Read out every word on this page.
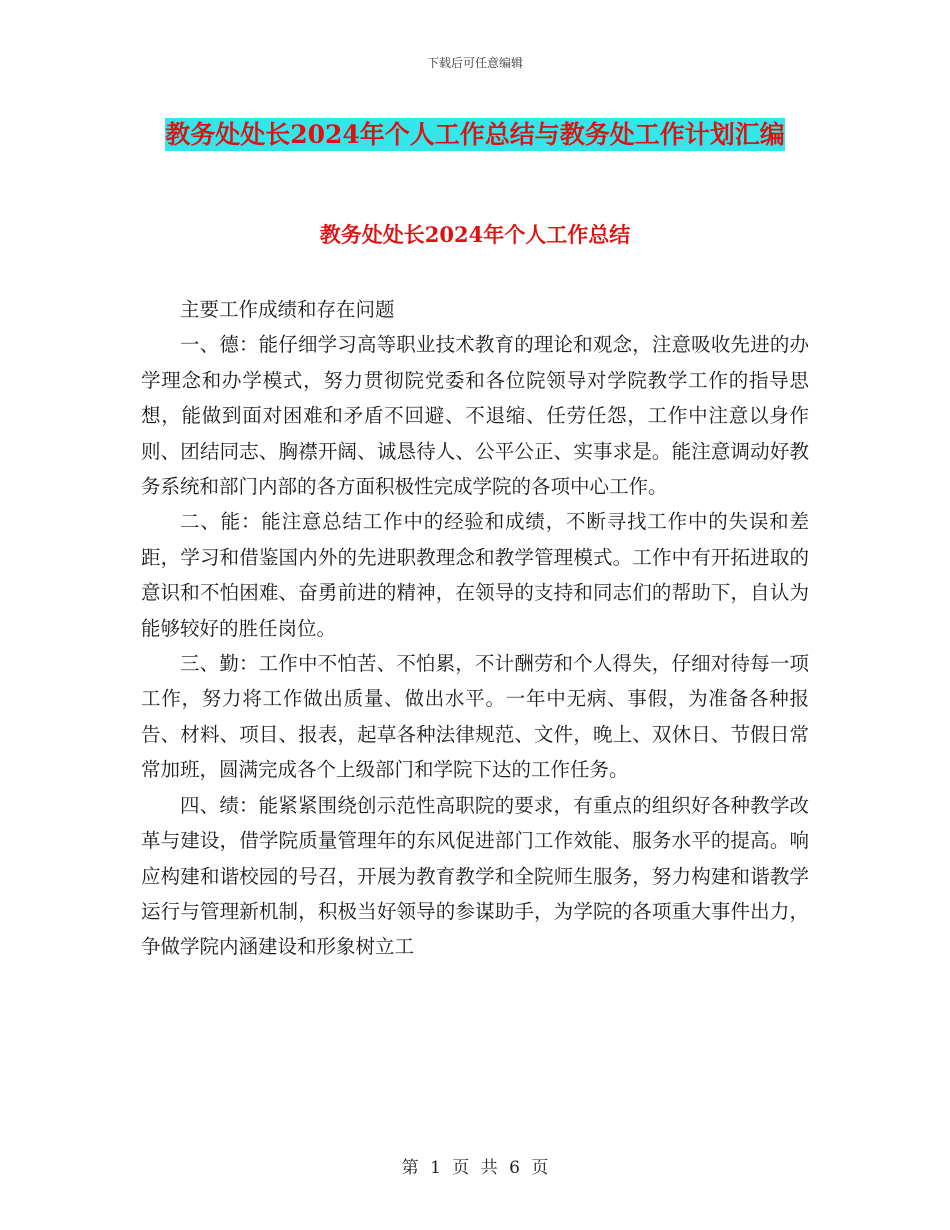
下载后可任意编辑
教务处处长2024年个人工作总结与教务处工作计划汇编
教务处处长2024年个人工作总结

主要工作成绩和存在问题

一、德：能仔细学习高等职业技术教育的理论和观念，注意吸收先进的办学理念和办学模式，努力贯彻院党委和各位院领导对学院教学工作的指导思想，能做到面对困难和矛盾不回避、不退缩、任劳任怨，工作中注意以身作则、团结同志、胸襟开阔、诚恳待人、公平公正、实事求是。能注意调动好教务系统和部门内部的各方面积极性完成学院的各项中心工作。

二、能：能注意总结工作中的经验和成绩，不断寻找工作中的失误和差距，学习和借鉴国内外的先进职教理念和教学管理模式。工作中有开拓进取的意识和不怕困难、奋勇前进的精神，在领导的支持和同志们的帮助下，自认为能够较好的胜任岗位。

三、勤：工作中不怕苦、不怕累，不计酬劳和个人得失，仔细对待每一项工作，努力将工作做出质量、做出水平。一年中无病、事假，为准备各种报告、材料、项目、报表，起草各种法律规范、文件，晚上、双休日、节假日常常加班，圆满完成各个上级部门和学院下达的工作任务。

四、绩：能紧紧围绕创示范性高职院的要求，有重点的组织好各种教学改革与建设，借学院质量管理年的东风促进部门工作效能、服务水平的提高。响应构建和谐校园的号召，开展为教育教学和全院师生服务，努力构建和谐教学运行与管理新机制，积极当好领导的参谋助手，为学院的各项重大事件出力，争做学院内涵建设和形象树立工

第 1 页 共 6 页
